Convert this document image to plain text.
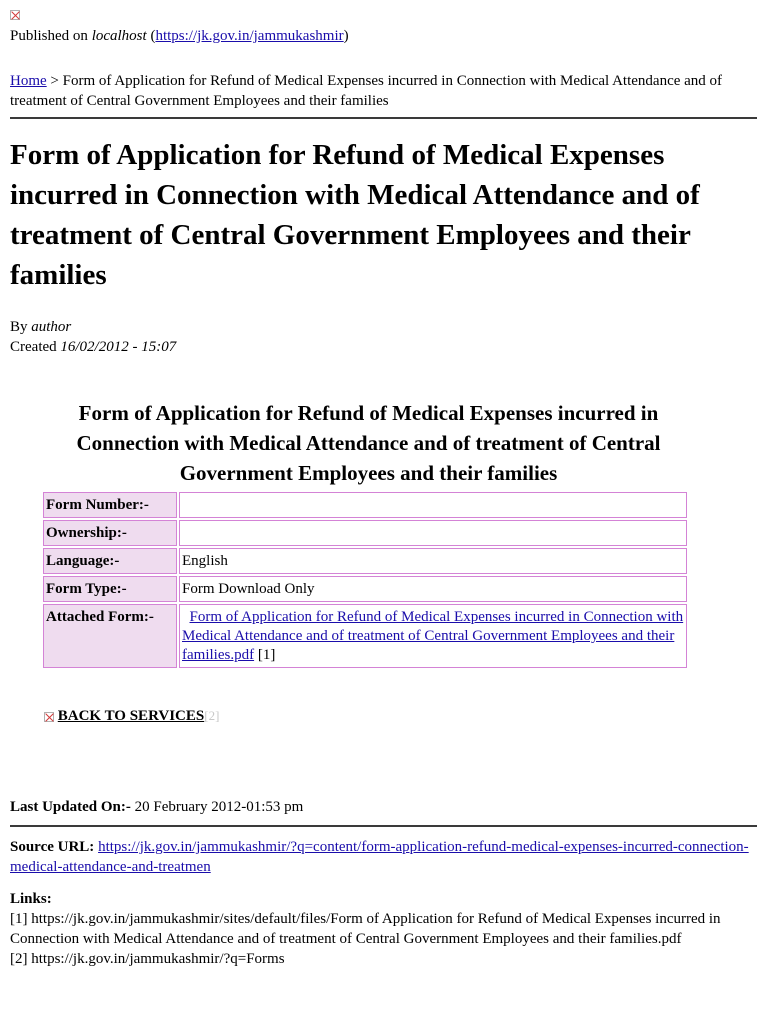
Published on localhost (https://jk.gov.in/jammukashmir)
Home > Form of Application for Refund of Medical Expenses incurred in Connection with Medical Attendance and of treatment of Central Government Employees and their families
Form of Application for Refund of Medical Expenses incurred in Connection with Medical Attendance and of treatment of Central Government Employees and their families
By author
Created 16/02/2012 - 15:07
Form of Application for Refund of Medical Expenses incurred in Connection with Medical Attendance and of treatment of Central Government Employees and their families
Form Number:-	
Ownership:-	
Language:-	English
Form Type:-	Form Download Only
Attached Form:-	Form of Application for Refund of Medical Expenses incurred in Connection with Medical Attendance and of treatment of Central Government Employees and their families.pdf [1]
BACK TO SERVICES[2]
Last Updated On:- 20 February 2012-01:53 pm
Source URL: https://jk.gov.in/jammukashmir/?q=content/form-application-refund-medical-expenses-incurred-connection-medical-attendance-and-treatmen
Links:
[1] https://jk.gov.in/jammukashmir/sites/default/files/Form of Application for Refund of Medical Expenses incurred in Connection with Medical Attendance and of treatment of Central Government Employees and their families.pdf
[2] https://jk.gov.in/jammukashmir/?q=Forms
